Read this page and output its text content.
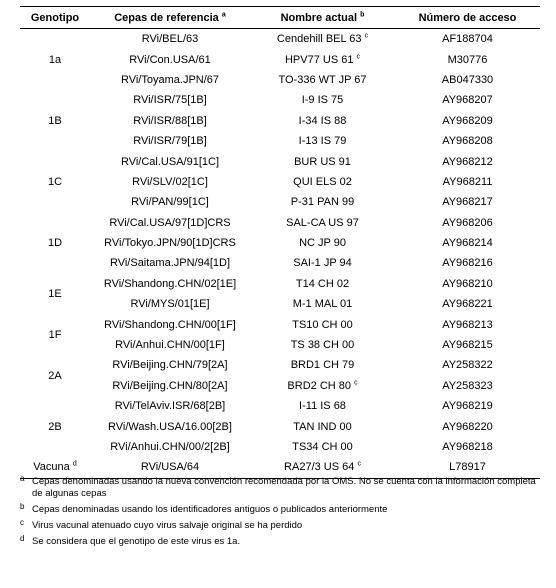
Genotipo	Cepas de referencia $^a$	Nombre actual $^b$	Número de acceso
1a	RVi/BEL/63	Cendehill BEL 63 $^c$	AF188704
	RVi/Con.USA/61	HPV77 US 61 $^c$	M30776
	RVi/Toyama.JPN/67	TO-336 WT JP 67	AB047330
1B	RVi/ISR/75[1B]	I-9 IS 75	AY968207
	RVi/ISR/88[1B]	I-34 IS 88	AY968209
	RVi/ISR/79[1B]	I-13 IS 79	AY968208
1C	RVi/Cal.USA/91[1C]	BUR US 91	AY968212
	RVi/SLV/02[1C]	QUI ELS 02	AY968211
	RVi/PAN/99[1C]	P-31 PAN 99	AY968217
1D	RVi/Cal.USA/97[1D]CRS	SAL-CA US 97	AY968206
	RVi/Tokyo.JPN/90[1D]CRS	NC JP 90	AY968214
	RVi/Saitama.JPN/94[1D]	SAI-1 JP 94	AY968216
1E	RVi/Shandong.CHN/02[1E]	T14 CH 02	AY968210
	RVi/MYS/01[1E]	M-1 MAL 01	AY968221
1F	RVi/Shandong.CHN/00[1F]	TS10 CH 00	AY968213
	RVi/Anhui.CHN/00[1F]	TS 38 CH 00	AY968215
2A	RVi/Beijing.CHN/79[2A]	BRD1 CH 79	AY258322
	RVi/Beijing.CHN/80[2A]	BRD2 CH 80 $^c$	AY258323
2B	RVi/TelAviv.ISR/68[2B]	I-11 IS 68	AY968219
	RVi/Wash.USA/16.00[2B]	TAN IND 00	AY968220
	RVi/Anhui.CHN/00/2[2B]	TS34 CH 00	AY968218
Vacuna $^d$	RVi/USA/64	RA27/3 US 64 $^c$	L78917
a Cepas denominadas usando la nueva convención recomendada por la OMS. No se cuenta con la información completa de algunas cepas
b Cepas denominadas usando los identificadores antiguos o publicados anteriormente
c Virus vacunal atenuado cuyo virus salvaje original se ha perdido
d Se considera que el genotipo de este virus es 1a.
